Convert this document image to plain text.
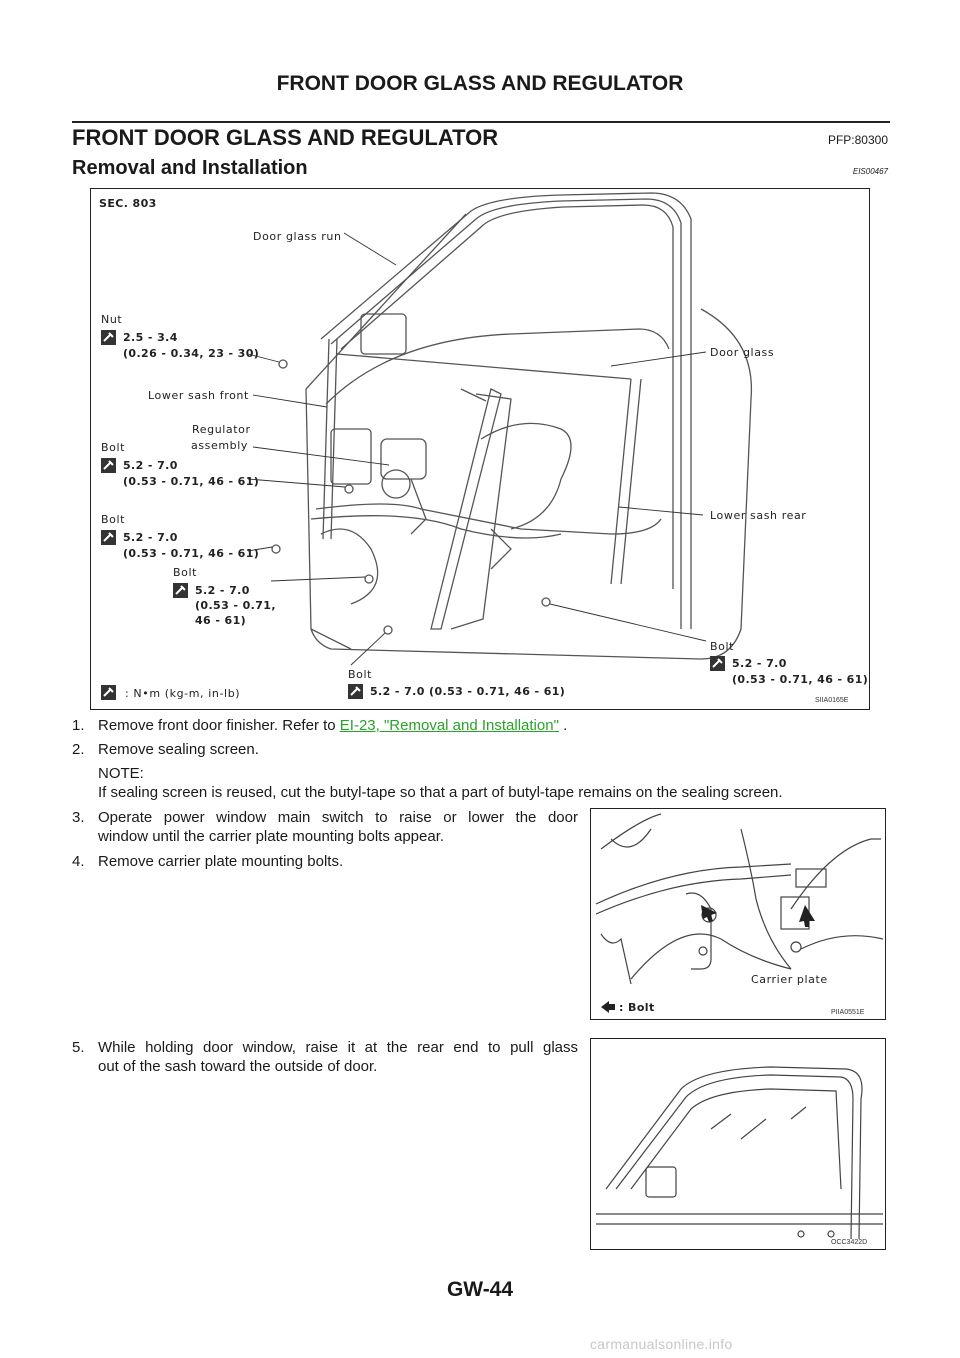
FRONT DOOR GLASS AND REGULATOR
FRONT DOOR GLASS AND REGULATOR	PFP:80300
Removal and Installation	EIS00467
SEC. 803
Door glass run
Door glass
Lower sash front
Lower sash rear
Regulator
assembly
Nut
2.5 - 3.4
(0.26 - 0.34, 23 - 30)
Bolt
5.2 - 7.0
(0.53 - 0.71, 46 - 61)
Bolt
5.2 - 7.0
(0.53 - 0.71, 46 - 61)
Bolt
5.2 - 7.0
(0.53 - 0.71,
46 - 61)
Bolt
5.2 - 7.0 (0.53 - 0.71, 46 - 61)
Bolt
5.2 - 7.0
(0.53 - 0.71, 46 - 61)
: N•m (kg-m, in-lb)
SIIA0165E
1. Remove front door finisher. Refer to EI-23, "Removal and Installation" .
2. Remove sealing screen.
NOTE:
If sealing screen is reused, cut the butyl-tape so that a part of butyl-tape remains on the sealing screen.
3. Operate power window main switch to raise or lower the door
window until the carrier plate mounting bolts appear.
4. Remove carrier plate mounting bolts.
Carrier plate
: Bolt	PIIA0551E
5. While holding door window, raise it at the rear end to pull glass
out of the sash toward the outside of door.
OCC3422D
GW-44
carmanualsonline.info
